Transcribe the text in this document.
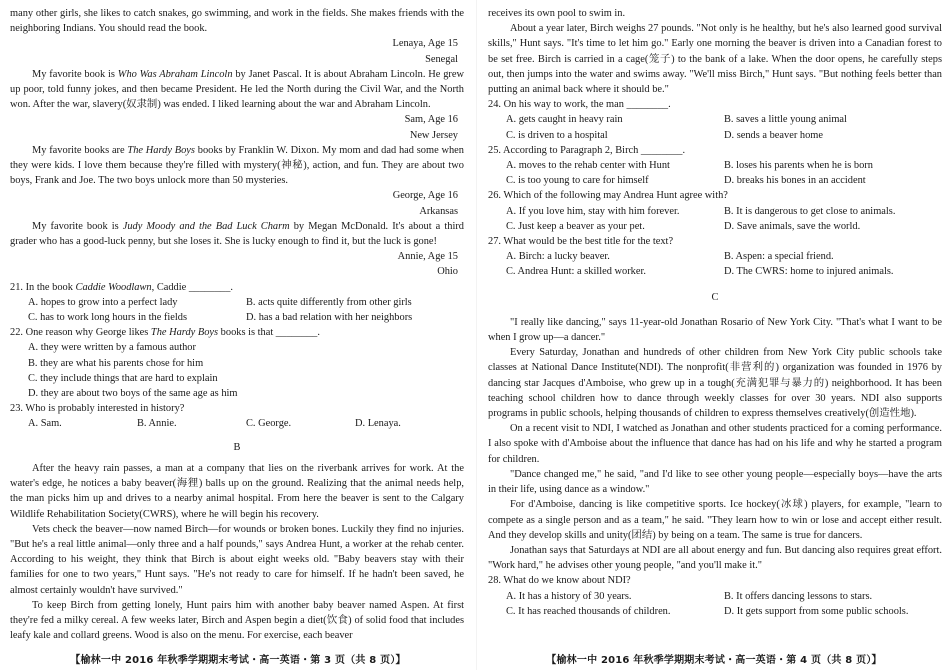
many other girls, she likes to catch snakes, go swimming, and work in the fields. She makes friends with the neighboring Indians. You should read the book.

Lenaya, Age 15
Senegal

My favorite book is Who Was Abraham Lincoln by Janet Pascal. It is about Abraham Lincoln. He grew up poor, told funny jokes, and then became President. He led the North during the Civil War, and the North won. After the war, slavery(奴隶制) was ended. I liked learning about the war and Abraham Lincoln.

Sam, Age 16
New Jersey

My favorite books are The Hardy Boys books by Franklin W. Dixon. My mom and dad had some when they were kids. I love them because they're filled with mystery(神秘), action, and fun. They are about two boys, Frank and Joe. The two boys unlock more than 50 mysteries.

George, Age 16
Arkansas

My favorite book is Judy Moody and the Bad Luck Charm by Megan McDonald. It's about a third grader who has a good-luck penny, but she loses it. She is lucky enough to find it, but the luck is gone!

Annie, Age 15
Ohio

21. In the book Caddie Woodlawn, Caddie ________.

A. hopes to grow into a perfect lady	B. acts quite differently from other girls
C. has to work long hours in the fields	D. has a bad relation with her neighbors

22. One reason why George likes The Hardy Boys books is that ________.

A. they were written by a famous author
B. they are what his parents chose for him
C. they include things that are hard to explain
D. they are about two boys of the same age as him

23. Who is probably interested in history?

A. Sam.	B. Annie.	C. George.	D. Lenaya.
B

After the heavy rain passes, a man at a company that lies on the riverbank arrives for work. At the water's edge, he notices a baby beaver(海狸) balls up on the ground. Realizing that the animal needs help, the man picks him up and drives to a nearby animal hospital. From here the beaver is sent to the Calgary Wildlife Rehabilitation Society(CWRS), where he will begin his recovery.

Vets check the beaver—now named Birch—for wounds or broken bones. Luckily they find no injuries. "But he's a real little animal—only three and a half pounds," says Andrea Hunt, a worker at the rehab center. According to his weight, they think that Birch is about eight weeks old. "Baby beavers stay with their families for one to two years," Hunt says. "He's not ready to care for himself. If he hadn't been saved, he almost certainly wouldn't have survived."

To keep Birch from getting lonely, Hunt pairs him with another baby beaver named Aspen. At first they're fed a milky cereal. A few weeks later, Birch and Aspen begin a diet(饮食) of solid food that includes leafy kale and collard greens. Wood is also on the menu. For exercise, each beaver

【榆林一中 2016 年秋季学期期末考试・高一英语・第 3 页（共 8 页）】

receives its own pool to swim in.

About a year later, Birch weighs 27 pounds. "Not only is he healthy, but he's also learned good survival skills," Hunt says. "It's time to let him go." Early one morning the beaver is driven into a Canadian forest to be set free. Birch is carried in a cage(笼子) to the bank of a lake. When the door opens, he carefully steps out, then jumps into the water and swims away. "We'll miss Birch," Hunt says. "But nothing feels better than putting an animal back where it should be."

24. On his way to work, the man ________.

A. gets caught in heavy rain	B. saves a little young animal
C. is driven to a hospital	D. sends a beaver home

25. According to Paragraph 2, Birch ________.

A. moves to the rehab center with Hunt	B. loses his parents when he is born
C. is too young to care for himself	D. breaks his bones in an accident

26. Which of the following may Andrea Hunt agree with?

A. If you love him, stay with him forever.	B. It is dangerous to get close to animals.
C. Just keep a beaver as your pet.	D. Save animals, save the world.

27. What would be the best title for the text?

A. Birch: a lucky beaver.	B. Aspen: a special friend.
C. Andrea Hunt: a skilled worker.	D. The CWRS: home to injured animals.
C

"I really like dancing," says 11-year-old Jonathan Rosario of New York City. "That's what I want to be when I grow up—a dancer."

Every Saturday, Jonathan and hundreds of other children from New York City public schools take classes at National Dance Institute(NDI). The nonprofit(非营利的) organization was founded in 1976 by dancing star Jacques d'Amboise, who grew up in a tough(充满犯罪与暴力的) neighborhood. It has been teaching school children how to dance through weekly classes for over 30 years. NDI also supports programs in public schools, helping thousands of children to express themselves creatively(创造性地).

On a recent visit to NDI, I watched as Jonathan and other students practiced for a coming performance. I also spoke with d'Amboise about the influence that dance has had on his life and why he started a program for children.

"Dance changed me," he said, "and I'd like to see other young people—especially boys—have the arts in their life, using dance as a window."

For d'Amboise, dancing is like competitive sports. Ice hockey(冰球) players, for example, "learn to compete as a single person and as a team," he said. "They learn how to win or lose and accept either result. And they develop skills and unity(团结) by being on a team. The same is true for dancers.

Jonathan says that Saturdays at NDI are all about energy and fun. But dancing also requires great effort. "Work hard," he advises other young people, "and you'll make it."

28. What do we know about NDI?

A. It has a history of 30 years.	B. It offers dancing lessons to stars.
C. It has reached thousands of children.	D. It gets support from some public schools.
【榆林一中 2016 年秋季学期期末考试・高一英语・第 4 页（共 8 页）】
